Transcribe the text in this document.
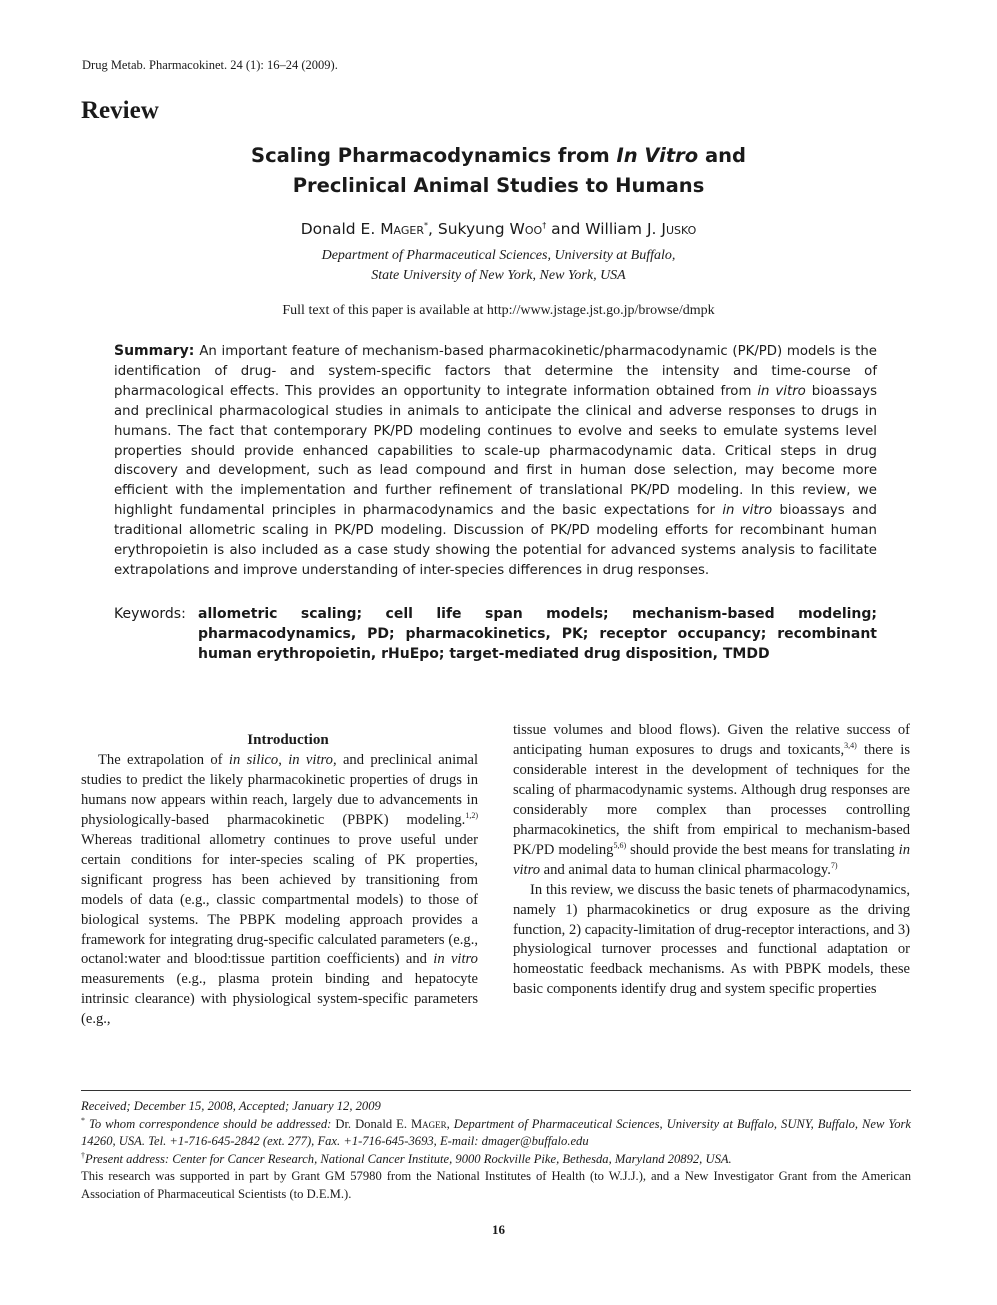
Drug Metab. Pharmacokinet. 24 (1): 16–24 (2009).
Review
Scaling Pharmacodynamics from In Vitro and
Preclinical Animal Studies to Humans
Donald E. Mager*, Sukyung Woo† and William J. Jusko
Department of Pharmaceutical Sciences, University at Buffalo,
State University of New York, New York, USA
Full text of this paper is available at http://www.jstage.jst.go.jp/browse/dmpk
Summary: An important feature of mechanism-based pharmacokinetic/pharmacodynamic (PK/PD) models is the identification of drug- and system-specific factors that determine the intensity and time-course of pharmacological effects. This provides an opportunity to integrate information obtained from in vitro bioassays and preclinical pharmacological studies in animals to anticipate the clinical and adverse responses to drugs in humans. The fact that contemporary PK/PD modeling continues to evolve and seeks to emulate systems level properties should provide enhanced capabilities to scale-up pharmacodynamic data. Critical steps in drug discovery and development, such as lead compound and first in human dose selection, may become more efficient with the implementation and further refinement of translational PK/PD modeling. In this review, we highlight fundamental principles in pharmacodynamics and the basic expectations for in vitro bioassays and traditional allometric scaling in PK/PD modeling. Discussion of PK/PD modeling efforts for recombinant human erythropoietin is also included as a case study showing the potential for advanced systems analysis to facilitate extrapolations and improve understanding of inter-species differences in drug responses.
Keywords: allometric scaling; cell life span models; mechanism-based modeling; pharmacodynamics, PD; pharmacokinetics, PK; receptor occupancy; recombinant human erythropoietin, rHuEpo; target-mediated drug disposition, TMDD

Introduction

The extrapolation of in silico, in vitro, and preclinical animal studies to predict the likely pharmacokinetic properties of drugs in humans now appears within reach, largely due to advancements in physiologically-based pharmacokinetic (PBPK) modeling.$^{1,2)}$ Whereas traditional allometry continues to prove useful under certain conditions for inter-species scaling of PK properties, significant progress has been achieved by transitioning from models of data (e.g., classic compartmental models) to those of biological systems. The PBPK modeling approach provides a framework for integrating drug-specific calculated parameters (e.g., octanol:water and blood:tissue partition coefficients) and in vitro measurements (e.g., plasma protein binding and hepatocyte intrinsic clearance) with physiological system-specific parameters (e.g.,

tissue volumes and blood flows). Given the relative success of anticipating human exposures to drugs and toxicants,$^{3,4)}$ there is considerable interest in the development of techniques for the scaling of pharmacodynamic systems. Although drug responses are considerably more complex than processes controlling pharmacokinetics, the shift from empirical to mechanism-based PK/PD modeling$^{5,6)}$ should provide the best means for translating in vitro and animal data to human clinical pharmacology.$^{7)}$

In this review, we discuss the basic tenets of pharmacodynamics, namely 1) pharmacokinetics or drug exposure as the driving function, 2) capacity-limitation of drug-receptor interactions, and 3) physiological turnover processes and functional adaptation or homeostatic feedback mechanisms. As with PBPK models, these basic components identify drug and system specific properties

Received; December 15, 2008, Accepted; January 12, 2009
* To whom correspondence should be addressed: Dr. Donald E. Mager, Department of Pharmaceutical Sciences, University at Buffalo, SUNY, Buffalo, New York 14260, USA. Tel. +1-716-645-2842 (ext. 277), Fax. +1-716-645-3693, E-mail: dmager@buffalo.edu
†Present address: Center for Cancer Research, National Cancer Institute, 9000 Rockville Pike, Bethesda, Maryland 20892, USA.
This research was supported in part by Grant GM 57980 from the National Institutes of Health (to W.J.J.), and a New Investigator Grant from the American Association of Pharmaceutical Scientists (to D.E.M.).
16
